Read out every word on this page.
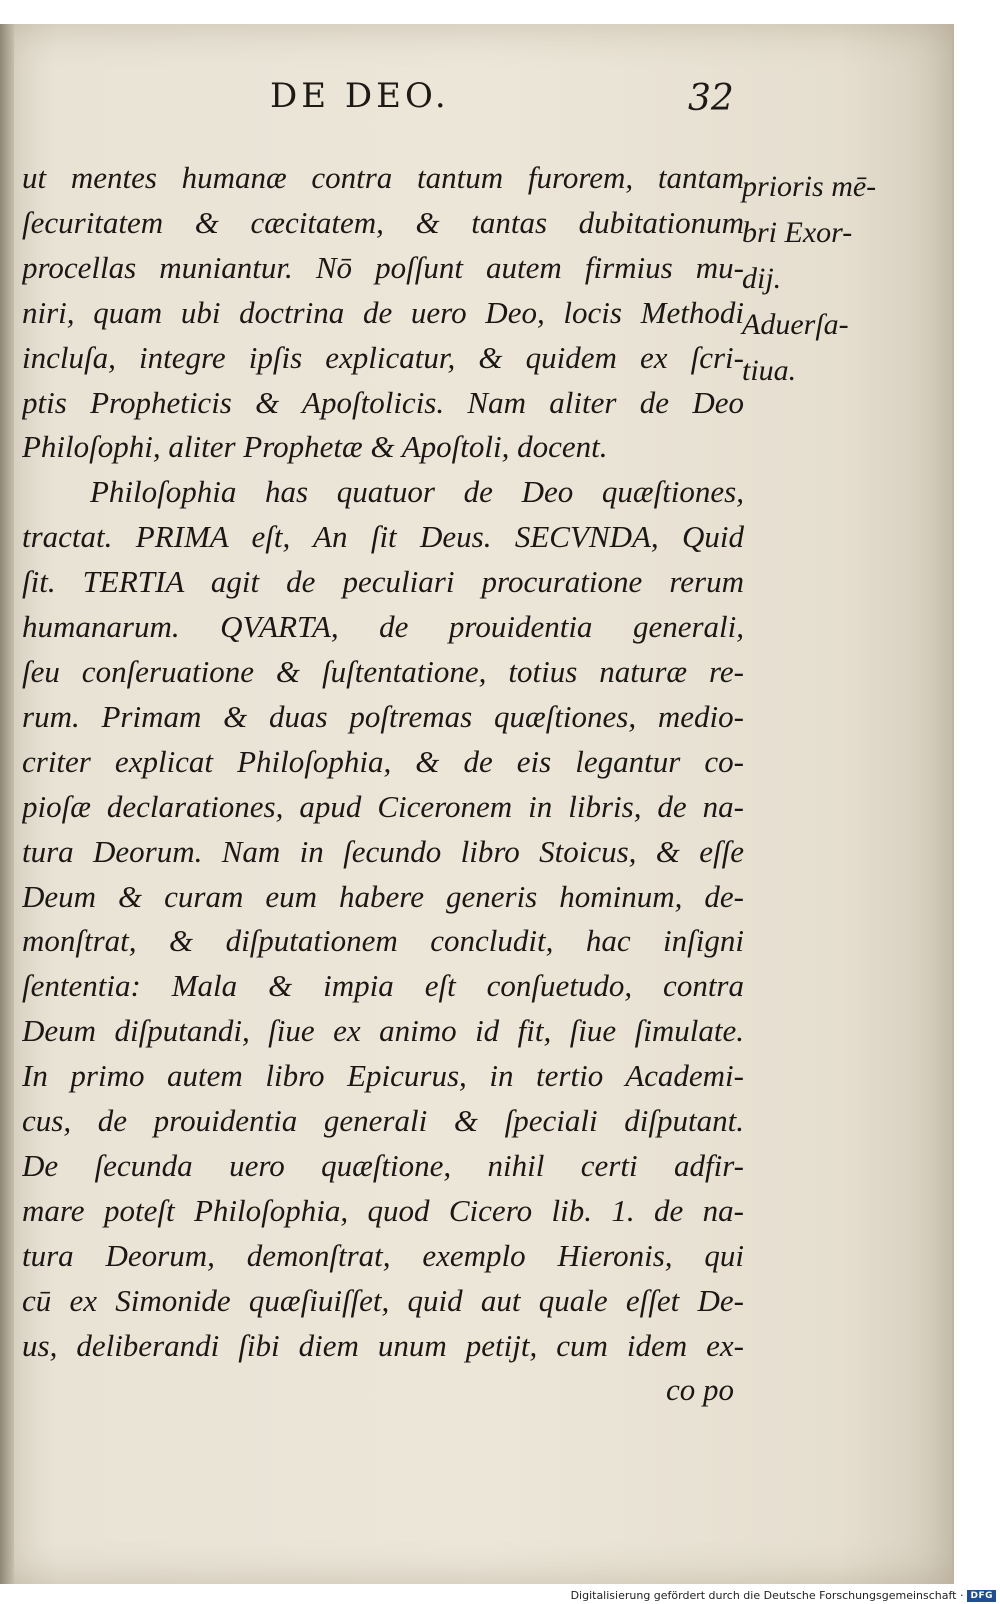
DE DEO.	32
ut mentes humanæ contra tantum furorem, tantam
ſecuritatem & cæcitatem, & tantas dubitationum
procellas muniantur. Nō poſſunt autem firmius mu-
niri, quam ubi doctrina de uero Deo, locis Methodi
incluſa, integre ipſis explicatur, & quidem ex ſcri-
ptis Propheticis & Apoſtolicis. Nam aliter de Deo
Philoſophi, aliter Prophetæ & Apoſtoli, docent.
Philoſophia has quatuor de Deo quæſtiones,
tractat. PRIMA eſt, An ſit Deus. SECVNDA, Quid
ſit. TERTIA agit de peculiari procuratione rerum
humanarum. QVARTA, de prouidentia generali,
ſeu conſeruatione & ſuſtentatione, totius naturæ re-
rum. Primam & duas poſtremas quæſtiones, medio-
criter explicat Philoſophia, & de eis legantur co-
pioſæ declarationes, apud Ciceronem in libris, de na-
tura Deorum. Nam in ſecundo libro Stoicus, & eſſe
Deum & curam eum habere generis hominum, de-
monſtrat, & diſputationem concludit, hac inſigni
ſententia: Mala & impia eſt conſuetudo, contra
Deum diſputandi, ſiue ex animo id fit, ſiue ſimulate.
In primo autem libro Epicurus, in tertio Academi-
cus, de prouidentia generali & ſpeciali diſputant.
De ſecunda uero quæſtione, nihil certi adfir-
mare poteſt Philoſophia, quod Cicero lib. 1. de na-
tura Deorum, demonſtrat, exemplo Hieronis, qui
cū ex Simonide quæſiuiſſet, quid aut quale eſſet De-
us, deliberandi ſibi diem unum petijt, cum idem ex-
co po
prioris mē-
bri Exor-
dij.
Aduerſa-
tiua.
Digitalisierung gefördert durch die Deutsche Forschungsgemeinschaft · DFG
